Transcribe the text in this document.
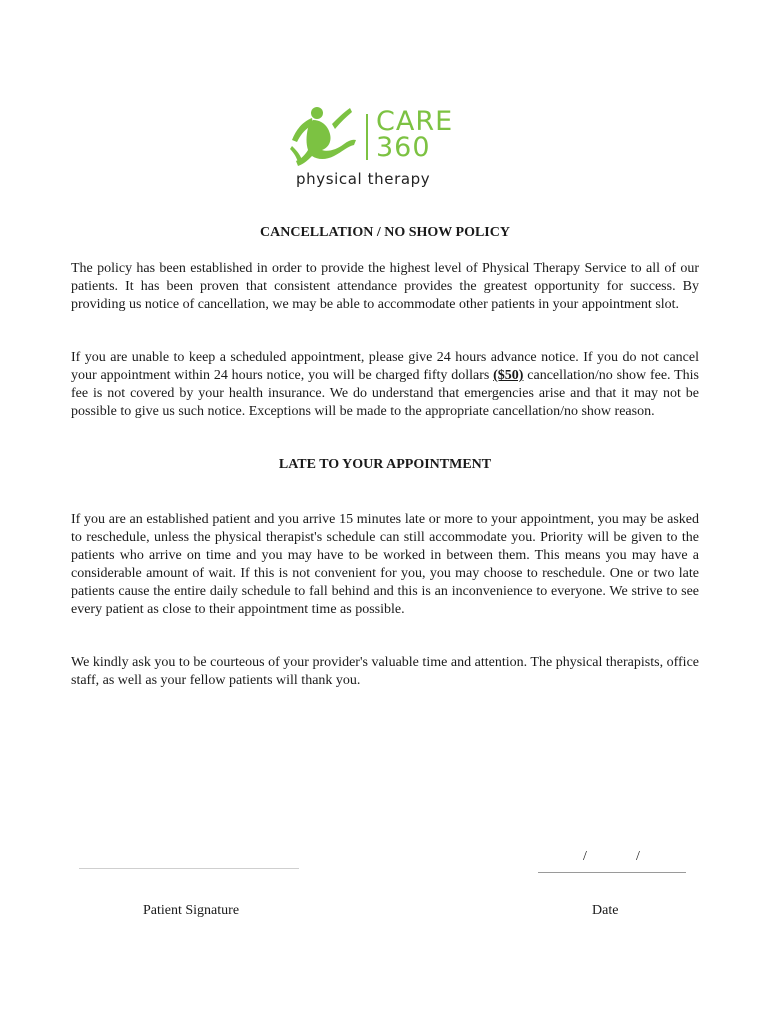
CARE
360
physical therapy
CANCELLATION / NO SHOW POLICY

The policy has been established in order to provide the highest level of Physical Therapy Service to all of our patients. It has been proven that consistent attendance provides the greatest opportunity for success. By providing us notice of cancellation, we may be able to accommodate other patients in your appointment slot.

If you are unable to keep a scheduled appointment, please give 24 hours advance notice. If you do not cancel your appointment within 24 hours notice, you will be charged fifty dollars ($50) cancellation/no show fee. This fee is not covered by your health insurance. We do understand that emergencies arise and that it may not be possible to give us such notice. Exceptions will be made to the appropriate cancellation/no show reason.

LATE TO YOUR APPOINTMENT

If you are an established patient and you arrive 15 minutes late or more to your appointment, you may be asked to reschedule, unless the physical therapist's schedule can still accommodate you. Priority will be given to the patients who arrive on time and you may have to be worked in between them. This means you may have a considerable amount of wait. If this is not convenient for you, you may choose to reschedule. One or two late patients cause the entire daily schedule to fall behind and this is an inconvenience to everyone. We strive to see every patient as close to their appointment time as possible.

We kindly ask you to be courteous of your provider's valuable time and attention. The physical therapists, office staff, as well as your fellow patients will thank you.

/	/
Patient Signature	Date
